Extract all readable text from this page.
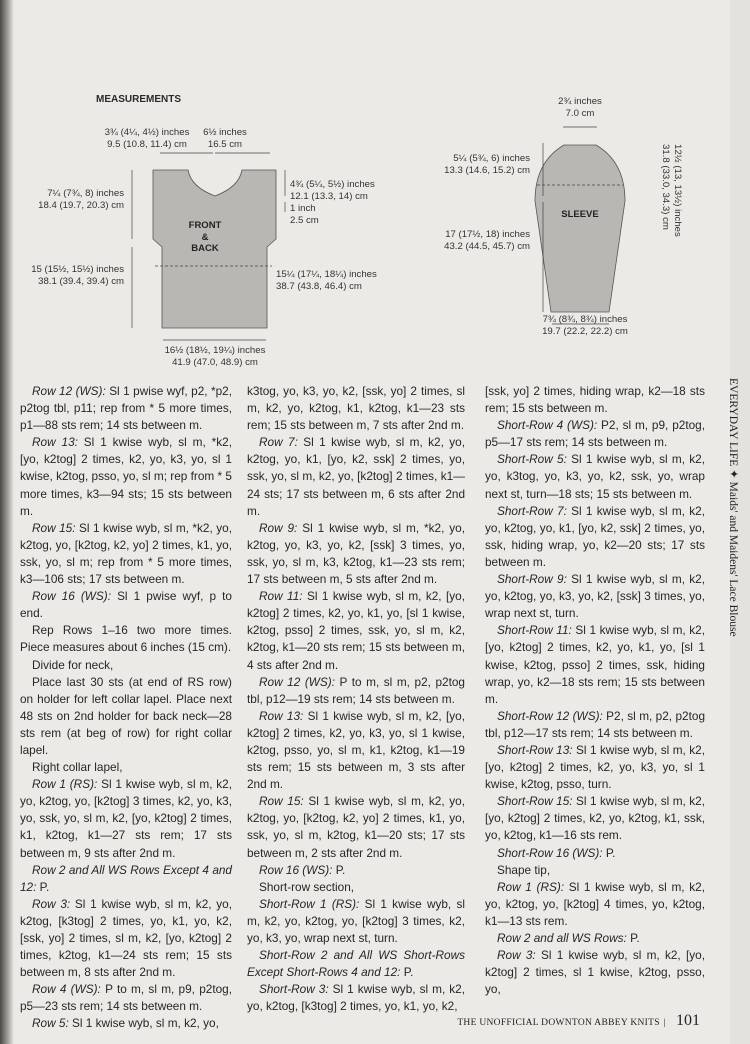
MEASUREMENTS
FRONT
&
BACK
SLEEVE
3¾ (4¼, 4½) inches
9.5 (10.8, 11.4) cm
6½ inches
16.5 cm
7¼ (7¾, 8) inches
18.4 (19.7, 20.3) cm
4¾ (5¼, 5½) inches
12.1 (13.3, 14) cm
1 inch
2.5 cm
15 (15½, 15½) inches
38.1 (39.4, 39.4) cm
15¼ (17¼, 18¼) inches
38.7 (43.8, 46.4) cm
16½ (18½, 19¼) inches
41.9 (47.0, 48.9) cm
2¾ inches
7.0 cm
5¼ (5¾, 6) inches
13.3 (14.6, 15.2) cm
17 (17½, 18) inches
43.2 (44.5, 45.7) cm
12½ (13, 13½) inches
31.8 (33.0, 34.3) cm
7¾ (8¾, 8¾) inches
19.7 (22.2, 22.2) cm

Row 12 (WS): Sl 1 pwise wyf, p2, *p2, p2tog tbl, p11; rep from * 5 more times, p1—88 sts rem; 14 sts between m.

Row 13: Sl 1 kwise wyb, sl m, *k2, [yo, k2tog] 2 times, k2, yo, k3, yo, sl 1 kwise, k2tog, psso, yo, sl m; rep from * 5 more times, k3—94 sts; 15 sts between m.

Row 15: Sl 1 kwise wyb, sl m, *k2, yo, k2tog, yo, [k2tog, k2, yo] 2 times, k1, yo, ssk, yo, sl m; rep from * 5 more times, k3—106 sts; 17 sts between m.

Row 16 (WS): Sl 1 pwise wyf, p to end.

Rep Rows 1–16 two more times. Piece measures about 6 inches (15 cm).

Divide for neck,

Place last 30 sts (at end of RS row) on holder for left collar lapel. Place next 48 sts on 2nd holder for back neck—28 sts rem (at beg of row) for right collar lapel.

Right collar lapel,

Row 1 (RS): Sl 1 kwise wyb, sl m, k2, yo, k2tog, yo, [k2tog] 3 times, k2, yo, k3, yo, ssk, yo, sl m, k2, [yo, k2tog] 2 times, k1, k2tog, k1—27 sts rem; 17 sts between m, 9 sts after 2nd m.

Row 2 and All WS Rows Except 4 and 12: P.

Row 3: Sl 1 kwise wyb, sl m, k2, yo, k2tog, [k3tog] 2 times, yo, k1, yo, k2, [ssk, yo] 2 times, sl m, k2, [yo, k2tog] 2 times, k2tog, k1—24 sts rem; 15 sts between m, 8 sts after 2nd m.

Row 4 (WS): P to m, sl m, p9, p2tog, p5—23 sts rem; 14 sts between m.

Row 5: Sl 1 kwise wyb, sl m, k2, yo,

k3tog, yo, k3, yo, k2, [ssk, yo] 2 times, sl m, k2, yo, k2tog, k1, k2tog, k1—23 sts rem; 15 sts between m, 7 sts after 2nd m.

Row 7: Sl 1 kwise wyb, sl m, k2, yo, k2tog, yo, k1, [yo, k2, ssk] 2 times, yo, ssk, yo, sl m, k2, yo, [k2tog] 2 times, k1—24 sts; 17 sts between m, 6 sts after 2nd m.

Row 9: Sl 1 kwise wyb, sl m, *k2, yo, k2tog, yo, k3, yo, k2, [ssk] 3 times, yo, ssk, yo, sl m, k3, k2tog, k1—23 sts rem; 17 sts between m, 5 sts after 2nd m.

Row 11: Sl 1 kwise wyb, sl m, k2, [yo, k2tog] 2 times, k2, yo, k1, yo, [sl 1 kwise, k2tog, psso] 2 times, ssk, yo, sl m, k2, k2tog, k1—20 sts rem; 15 sts between m, 4 sts after 2nd m.

Row 12 (WS): P to m, sl m, p2, p2tog tbl, p12—19 sts rem; 14 sts between m.

Row 13: Sl 1 kwise wyb, sl m, k2, [yo, k2tog] 2 times, k2, yo, k3, yo, sl 1 kwise, k2tog, psso, yo, sl m, k1, k2tog, k1—19 sts rem; 15 sts between m, 3 sts after 2nd m.

Row 15: Sl 1 kwise wyb, sl m, k2, yo, k2tog, yo, [k2tog, k2, yo] 2 times, k1, yo, ssk, yo, sl m, k2tog, k1—20 sts; 17 sts between m, 2 sts after 2nd m.

Row 16 (WS): P.

Short-row section,

Short-Row 1 (RS): Sl 1 kwise wyb, sl m, k2, yo, k2tog, yo, [k2tog] 3 times, k2, yo, k3, yo, wrap next st, turn.

Short-Row 2 and All WS Short-Rows Except Short-Rows 4 and 12: P.

Short-Row 3: Sl 1 kwise wyb, sl m, k2, yo, k2tog, [k3tog] 2 times, yo, k1, yo, k2,

[ssk, yo] 2 times, hiding wrap, k2—18 sts rem; 15 sts between m.

Short-Row 4 (WS): P2, sl m, p9, p2tog, p5—17 sts rem; 14 sts between m.

Short-Row 5: Sl 1 kwise wyb, sl m, k2, yo, k3tog, yo, k3, yo, k2, ssk, yo, wrap next st, turn—18 sts; 15 sts between m.

Short-Row 7: Sl 1 kwise wyb, sl m, k2, yo, k2tog, yo, k1, [yo, k2, ssk] 2 times, yo, ssk, hiding wrap, yo, k2—20 sts; 17 sts between m.

Short-Row 9: Sl 1 kwise wyb, sl m, k2, yo, k2tog, yo, k3, yo, k2, [ssk] 3 times, yo, wrap next st, turn.

Short-Row 11: Sl 1 kwise wyb, sl m, k2, [yo, k2tog] 2 times, k2, yo, k1, yo, [sl 1 kwise, k2tog, psso] 2 times, ssk, hiding wrap, yo, k2—18 sts rem; 15 sts between m.

Short-Row 12 (WS): P2, sl m, p2, p2tog tbl, p12—17 sts rem; 14 sts between m.

Short-Row 13: Sl 1 kwise wyb, sl m, k2, [yo, k2tog] 2 times, k2, yo, k3, yo, sl 1 kwise, k2tog, psso, turn.

Short-Row 15: Sl 1 kwise wyb, sl m, k2, [yo, k2tog] 2 times, k2, yo, k2tog, k1, ssk, yo, k2tog, k1—16 sts rem.

Short-Row 16 (WS): P.

Shape tip,

Row 1 (RS): Sl 1 kwise wyb, sl m, k2, yo, k2tog, yo, [k2tog] 4 times, yo, k2tog, k1—13 sts rem.

Row 2 and all WS Rows: P.

Row 3: Sl 1 kwise wyb, sl m, k2, [yo, k2tog] 2 times, sl 1 kwise, k2tog, psso, yo,

EVERYDAY LIFE ✦ Maids' and Maidens' Lace Blouse
THE UNOFFICIAL DOWNTON ABBEY KNITS | 101
